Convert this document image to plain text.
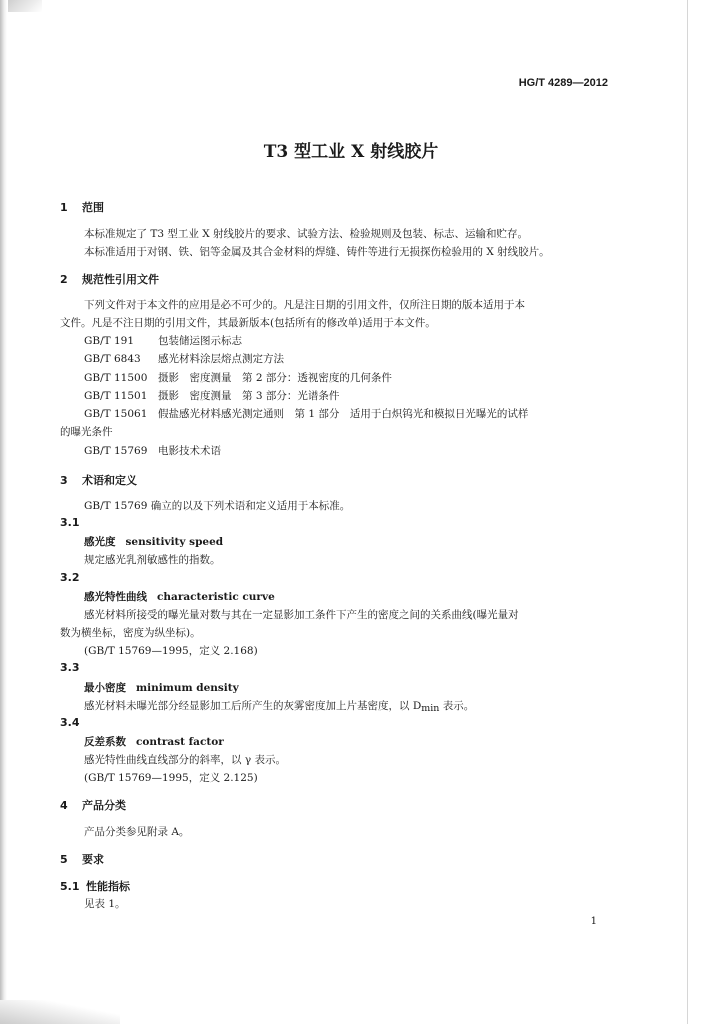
HG/T 4289—2012
T3 型工业 X 射线胶片
1 范围
本标准规定了 T3 型工业 X 射线胶片的要求、试验方法、检验规则及包装、标志、运输和贮存。
本标准适用于对钢、铁、铝等金属及其合金材料的焊缝、铸件等进行无损探伤检验用的 X 射线胶片。
2 规范性引用文件
下列文件对于本文件的应用是必不可少的。凡是注日期的引用文件，仅所注日期的版本适用于本
文件。凡是不注日期的引用文件，其最新版本(包括所有的修改单)适用于本文件。
GB/T 191 包装储运图示标志
GB/T 6843 感光材料涂层熔点测定方法
GB/T 11500 摄影　密度测量　第 2 部分：透视密度的几何条件
GB/T 11501 摄影　密度测量　第 3 部分：光谱条件
GB/T 15061 假盐感光材料感光测定通则　第 1 部分　适用于白炽钨光和模拟日光曝光的试样
的曝光条件
GB/T 15769 电影技术术语
3 术语和定义
GB/T 15769 确立的以及下列术语和定义适用于本标准。
3.1
感光度 sensitivity speed
规定感光乳剂敏感性的指数。
3.2
感光特性曲线 characteristic curve
感光材料所接受的曝光量对数与其在一定显影加工条件下产生的密度之间的关系曲线(曝光量对
数为横坐标，密度为纵坐标)。
(GB/T 15769—1995，定义 2.168)
3.3
最小密度 minimum density
感光材料未曝光部分经显影加工后所产生的灰雾密度加上片基密度，以 Dmin 表示。
3.4
反差系数 contrast factor
感光特性曲线直线部分的斜率，以 γ 表示。
(GB/T 15769—1995，定义 2.125)
4 产品分类
产品分类参见附录 A。
5 要求
5.1 性能指标
见表 1。
1
